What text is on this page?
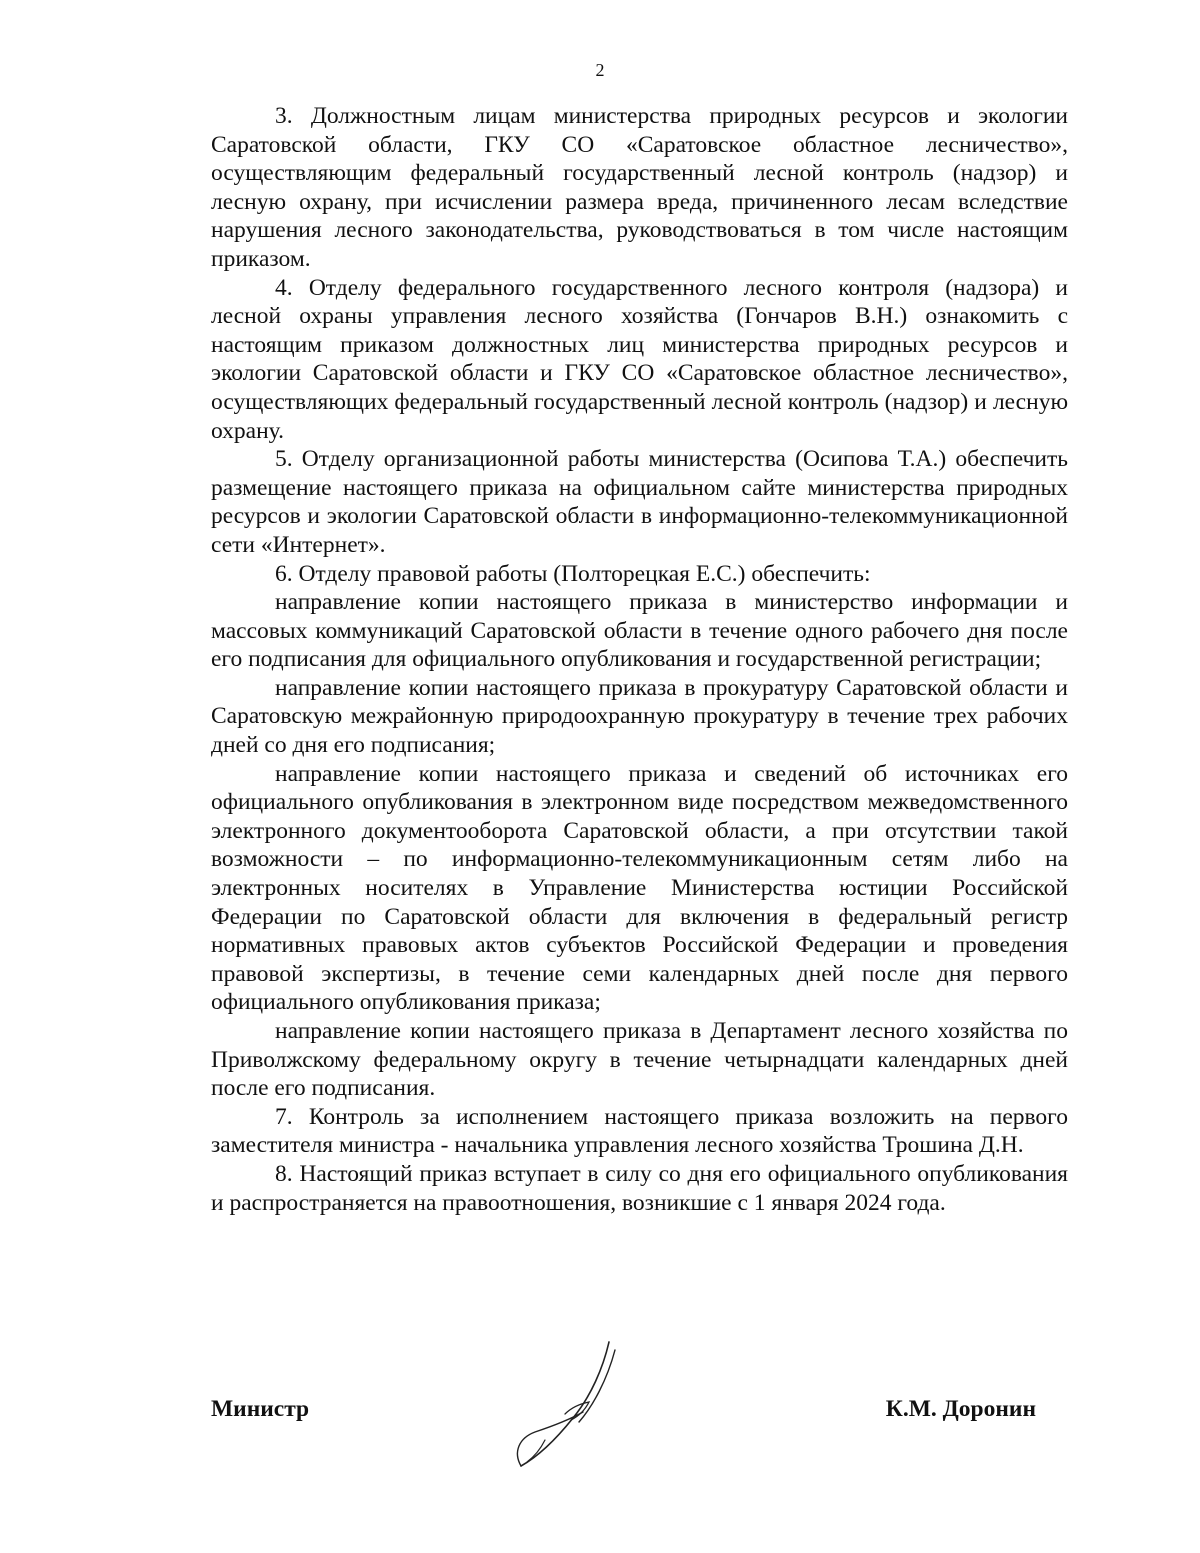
2

3. Должностным лицам министерства природных ресурсов и экологии Саратовской области, ГКУ СО «Саратовское областное лесничество», осуществляющим федеральный государственный лесной контроль (надзор) и лесную охрану, при исчислении размера вреда, причиненного лесам вследствие нарушения лесного законодательства, руководствоваться в том числе настоящим приказом.

4. Отделу федерального государственного лесного контроля (надзора) и лесной охраны управления лесного хозяйства (Гончаров В.Н.) ознакомить с настоящим приказом должностных лиц министерства природных ресурсов и экологии Саратовской области и ГКУ СО «Саратовское областное лесничество», осуществляющих федеральный государственный лесной контроль (надзор) и лесную охрану.

5. Отделу организационной работы министерства (Осипова Т.А.) обеспечить размещение настоящего приказа на официальном сайте министерства природных ресурсов и экологии Саратовской области в информационно-телекоммуникационной сети «Интернет».

6. Отделу правовой работы (Полторецкая Е.С.) обеспечить:

направление копии настоящего приказа в министерство информации и массовых коммуникаций Саратовской области в течение одного рабочего дня после его подписания для официального опубликования и государственной регистрации;

направление копии настоящего приказа в прокуратуру Саратовской области и Саратовскую межрайонную природоохранную прокуратуру в течение трех рабочих дней со дня его подписания;

направление копии настоящего приказа и сведений об источниках его официального опубликования в электронном виде посредством межведомственного электронного документооборота Саратовской области, а при отсутствии такой возможности – по информационно-телекоммуникационным сетям либо на электронных носителях в Управление Министерства юстиции Российской Федерации по Саратовской области для включения в федеральный регистр нормативных правовых актов субъектов Российской Федерации и проведения правовой экспертизы, в течение семи календарных дней после дня первого официального опубликования приказа;

направление копии настоящего приказа в Департамент лесного хозяйства по Приволжскому федеральному округу в течение четырнадцати календарных дней после его подписания.

7. Контроль за исполнением настоящего приказа возложить на первого заместителя министра - начальника управления лесного хозяйства Трошина Д.Н.

8. Настоящий приказ вступает в силу со дня его официального опубликования и распространяется на правоотношения, возникшие с 1 января 2024 года.

Министр	К.М. Доронин
